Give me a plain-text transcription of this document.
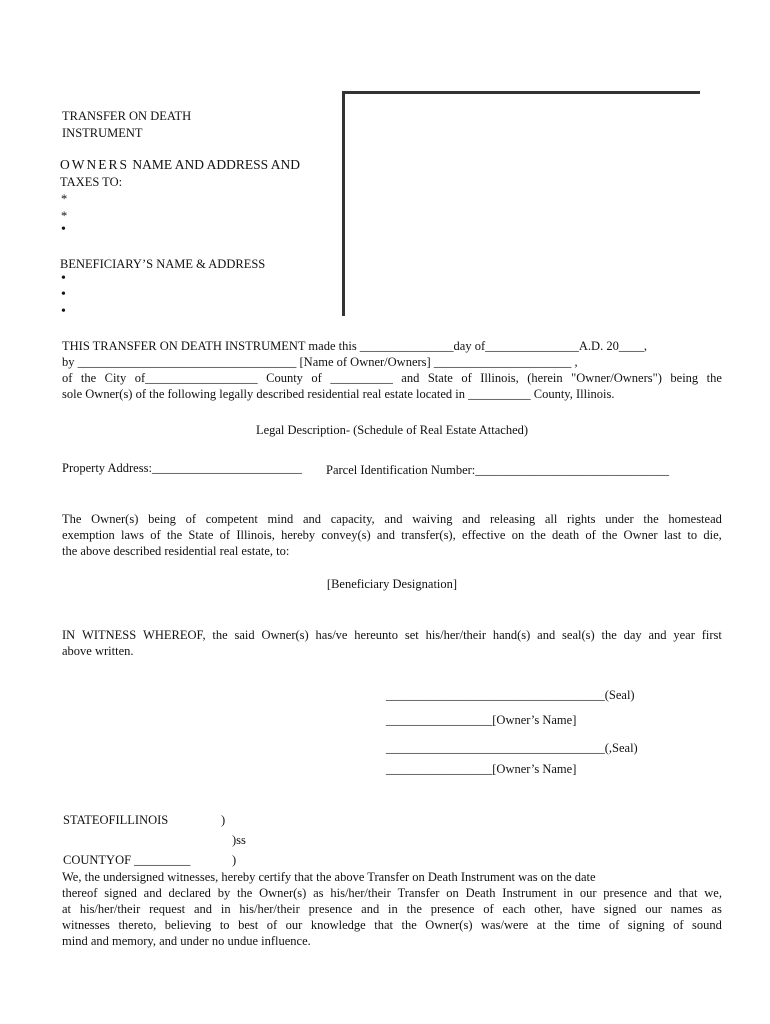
TRANSFER ON DEATH
INSTRUMENT
OWNERS NAME AND ADDRESS AND
TAXES TO:
*
*
•
BENEFICIARY’S NAME & ADDRESS
•
•
•
THIS TRANSFER ON DEATH INSTRUMENT made this _______________day of_______________A.D. 20____,
by ___________________________________ [Name of Owner/Owners] ______________________ ,
of the City of__________________ County of __________ and State of Illinois, (herein "Owner/Owners") being the
sole Owner(s) of the following legally described residential real estate located in __________ County, Illinois.
Legal Description- (Schedule of Real Estate Attached)
Property Address:________________________ Parcel Identification Number:_______________________________
The Owner(s) being of competent mind and capacity, and waiving and releasing all rights under the homestead
exemption laws of the State of Illinois, hereby convey(s) and transfer(s), effective on the death of the Owner last to die,
the above described residential real estate, to:
[Beneficiary Designation]
IN WITNESS WHEREOF, the said Owner(s) has/ve hereunto set his/her/their hand(s) and seal(s) the day and year first
above written.
___________________________________(Seal)
_________________[Owner’s Name]
___________________________________(,Seal)
_________________[Owner’s Name]
STATEOFILLINOIS	)
)ss
COUNTYOF _________	)
We, the undersigned witnesses, hereby certify that the above Transfer on Death Instrument was on the date
thereof signed and declared by the Owner(s) as his/her/their Transfer on Death Instrument in our presence and that we,
at his/her/their request and in his/her/their presence and in the presence of each other, have signed our names as
witnesses thereto, believing to best of our knowledge that the Owner(s) was/were at the time of signing of sound
mind and memory, and under no undue influence.
